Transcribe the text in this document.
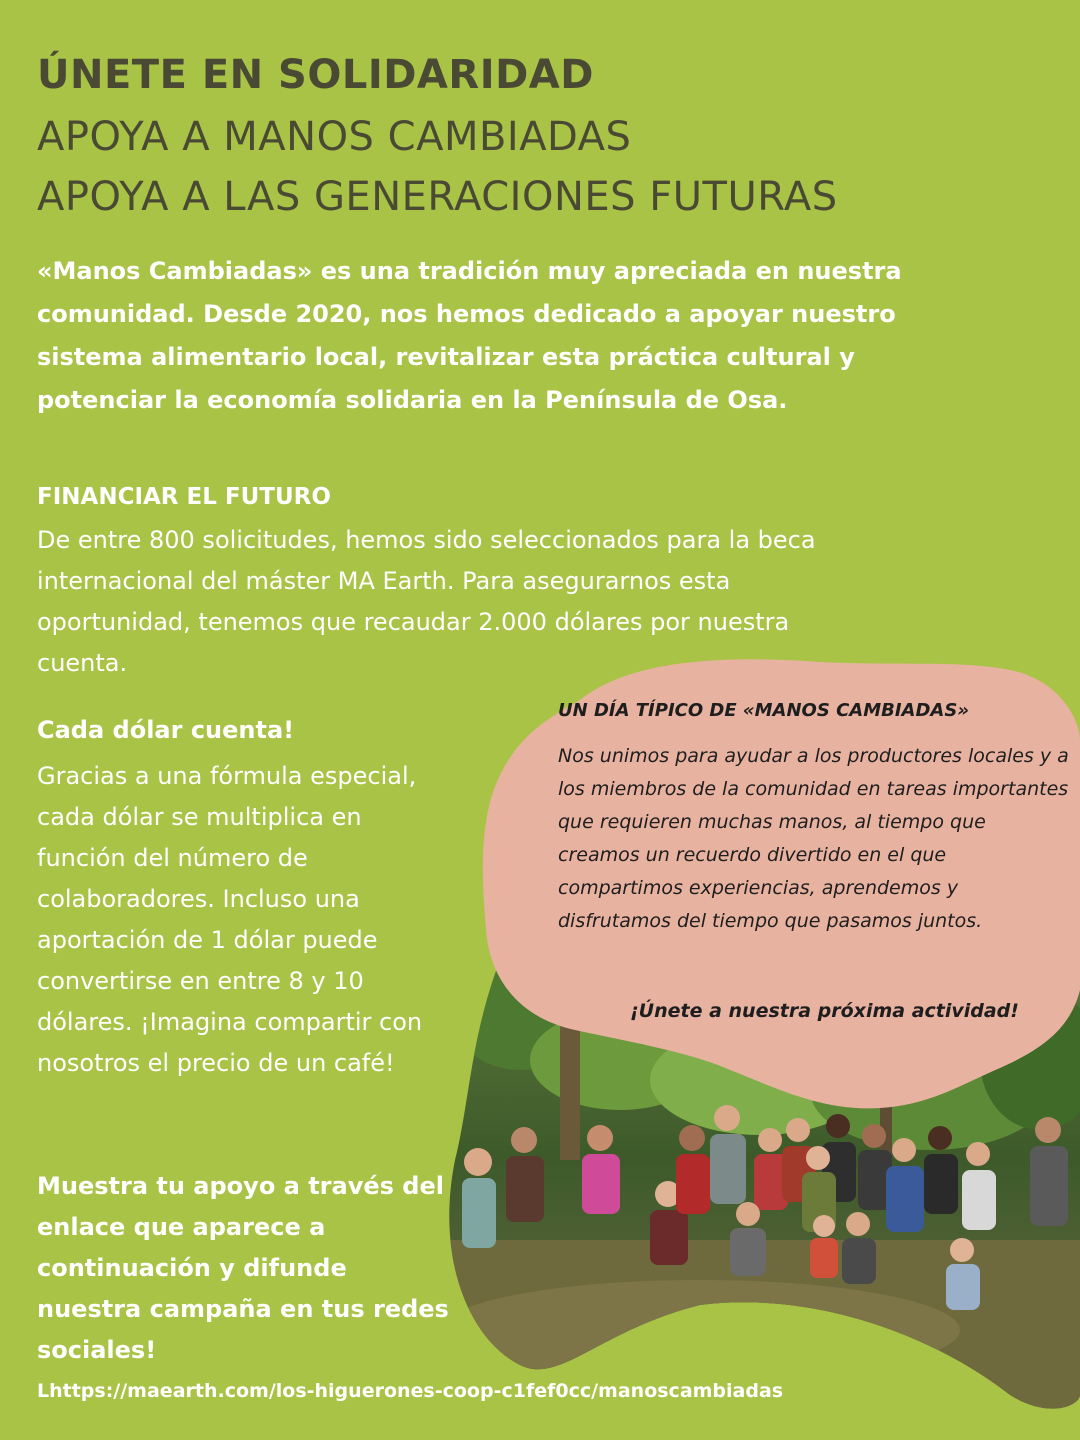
ÚNETE EN SOLIDARIDAD
APOYA A MANOS CAMBIADAS
APOYA A LAS GENERACIONES FUTURAS

«Manos Cambiadas» es una tradición muy apreciada en nuestra comunidad. Desde 2020, nos hemos dedicado a apoyar nuestro sistema alimentario local, revitalizar esta práctica cultural y potenciar la economía solidaria en la Península de Osa.

FINANCIAR EL FUTURO

De entre 800 solicitudes, hemos sido seleccionados para la beca internacional del máster MA Earth. Para asegurarnos esta oportunidad, tenemos que recaudar 2.000 dólares por nuestra cuenta.

Cada dólar cuenta!

Gracias a una fórmula especial, cada dólar se multiplica en función del número de colaboradores. Incluso una aportación de 1 dólar puede convertirse en entre 8 y 10 dólares. ¡Imagina compartir con nosotros el precio de un café!

Muestra tu apoyo a través del enlace que aparece a continuación y difunde nuestra campaña en tus redes sociales!

Lhttps://maearth.com/los-higuerones-coop-c1fef0cc/manoscambiadas
UN DÍA TÍPICO DE «MANOS CAMBIADAS»

Nos unimos para ayudar a los productores locales y a los miembros de la comunidad en tareas importantes que requieren muchas manos, al tiempo que creamos un recuerdo divertido en el que compartimos experiencias, aprendemos y disfrutamos del tiempo que pasamos juntos.

¡Únete a nuestra próxima actividad!
